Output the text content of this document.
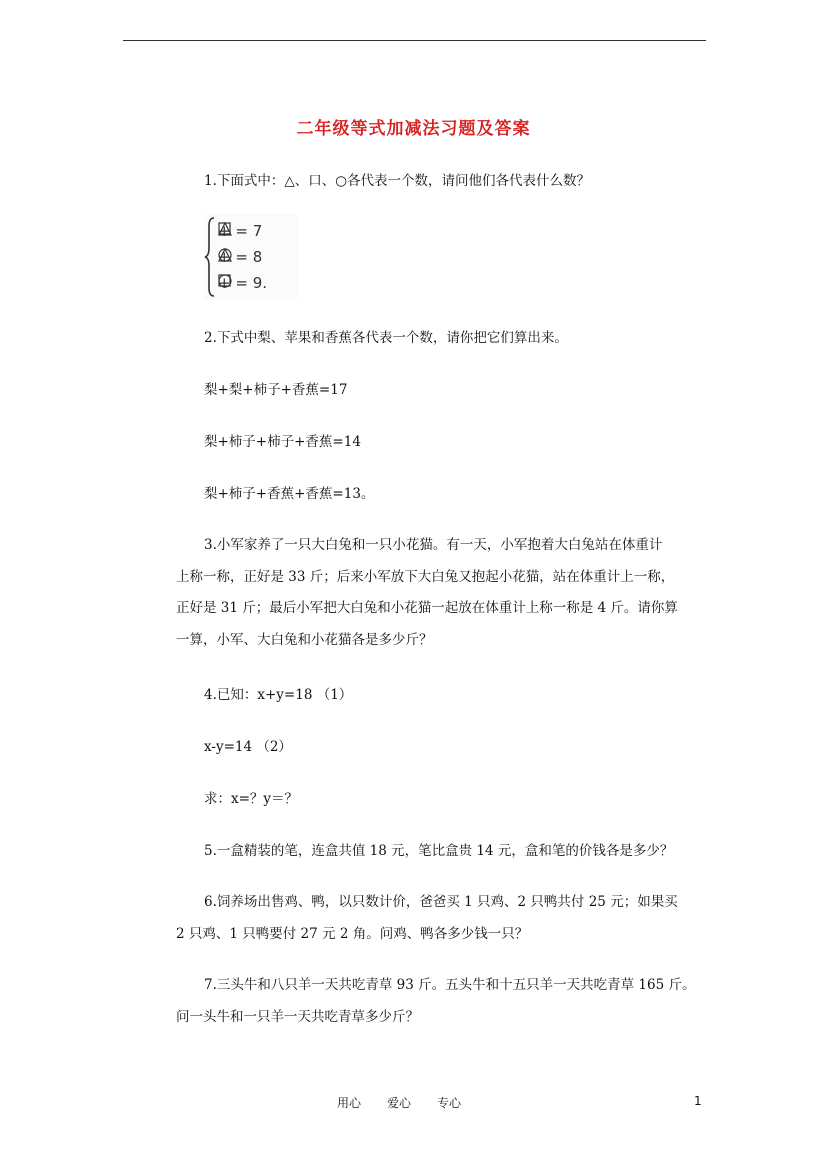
二年级等式加减法习题及答案
1.下面式中：△、口、○各代表一个数，请问他们各代表什么数？
+ = 7
+ = 8
+ = 9.
2.下式中梨、苹果和香蕉各代表一个数，请你把它们算出来。
梨+梨+柿子+香蕉=17
梨+柿子+柿子+香蕉=14
梨+柿子+香蕉+香蕉=13。
3.小军家养了一只大白兔和一只小花猫。有一天，小军抱着大白兔站在体重计
上称一称，正好是 33 斤；后来小军放下大白兔又抱起小花猫，站在体重计上一称，
正好是 31 斤；最后小军把大白兔和小花猫一起放在体重计上称一称是 4 斤。请你算
一算，小军、大白兔和小花猫各是多少斤？
4.已知：x+y=18 （1）
x-y=14 （2）
求：x=？y＝？
5.一盒精装的笔，连盒共值 18 元，笔比盒贵 14 元，盒和笔的价钱各是多少？
6.饲养场出售鸡、鸭，以只数计价，爸爸买 1 只鸡、2 只鸭共付 25 元；如果买
2 只鸡、1 只鸭要付 27 元 2 角。问鸡、鸭各多少钱一只？
7.三头牛和八只羊一天共吃青草 93 斤。五头牛和十五只羊一天共吃青草 165 斤。
问一头牛和一只羊一天共吃青草多少斤？
用心 爱心 专心	1
